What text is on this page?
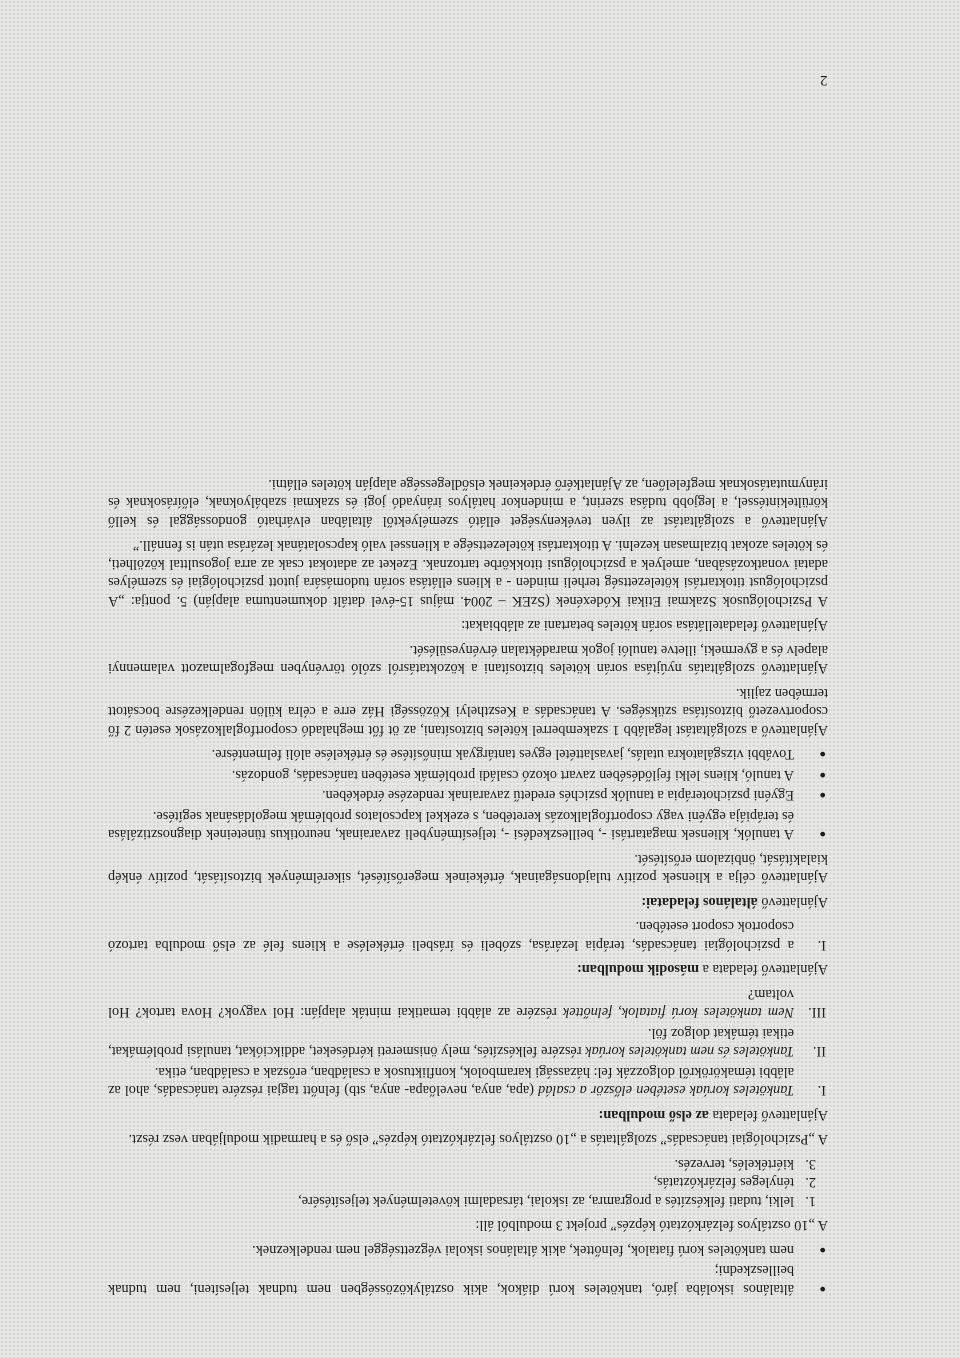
● általános iskolába járó, tanköteles korú diákok, akik osztályközösségben nem tudnak teljesíteni, nem tudnak beilleszkedni;
● nem tanköteles korú fiatalok, felnőttek, akik általános iskolai végzettséggel nem rendelkeznek.

A „10 osztályos felzárkóztató képzés” projekt 3 modulból áll:

1.
lelki, tudati felkészítés a programra, az iskolai, társadalmi követelmények teljesítésére,
2.
tényleges felzárkóztatás,
3.
kiértékelés, tervezés.

A „Pszichológiai tanácsadás” szolgáltatás a „10 osztályos felzárkóztató képzés” első és a harmadik moduljában vesz részt.

Ajánlattevő feladata az első modulban:

I.
Tanköteles korúak esetében először a család (apa, anya, nevelőapa- anya, stb) felnőtt tagjai részére tanácsadás, ahol az alábbi témakörökről dolgozzák fel: házassági karambolok, konfliktusok a családban, erőszak a családban, etika.
II.
Tanköteles és nem tanköteles korúak részére felkészítés, mely önismereti kérdéseket, addikciókat, tanulási problémákat, etikai témákat dolgoz föl.
III.
Nem tanköteles korú fiatalok, felnőttek részére az alábbi tematikai minták alapján: Hol vagyok? Hova tartok? Hol voltam?

Ajánlattevő feladata a második modulban:

I.
a pszichológiai tanácsadás, terápia lezárása, szóbeli és írásbeli értékelése a kliens felé az első modulba tartozó csoportok csoport esetében.

Ajánlattevő általános feladatai:

Ajánlattevő célja a kliensek pozitív tulajdonságainak, értékeinek megerősítését, sikerélmények biztosítását, pozitív énkép kialakítását, önbizalom erősítését.

● A tanulók, kliensek magatartási -, beilleszkedési -, teljesítménybeli zavarainak, neurotikus tüneteinek diagnosztizálása és terápiája egyéni vagy csoportfoglalkozás keretében, s ezekkel kapcsolatos problémák megoldásának segítése.
● Egyéni pszichoterápia a tanulók pszichés eredetű zavarainak rendezése érdekében.
● A tanuló, kliens lelki fejlődésében zavart okozó családi problémák esetében tanácsadás, gondozás.
● További vizsgálatokra utalás, javaslattétel egyes tantárgyak minősítése és értékelése alóli felmentésre.

Ajánlattevő a szolgáltatást legalább 1 szakemberrel köteles biztosítani, az öt főt meghaladó csoportfoglalkozások esetén 2 fő csoportvezető biztosítása szükséges. A tanácsadás a Keszthelyi Közösségi Ház erre a célra külön rendelkezésre bocsátott termében zajlik.

Ajánlattevő szolgáltatás nyújtása során köteles biztosítani a közoktatásról szóló törvényben megfogalmazott valamennyi alapelv és a gyermeki, illetve tanulói jogok maradéktalan érvényesülését.

Ajánlattevő feladatellátása során köteles betartani az alábbiakat:

A Pszichológusok Szakmai Etikai Kódexének (SzEK – 2004. május 15-ével datált dokumentuma alapján) 5. pontja: „A pszichológust titoktartási kötelezettség terheli minden - a kliens ellátása során tudomására jutott pszichológiai és személyes adatai vonatkozásában, amelyek a pszichológusi titokkörbe tartoznak. Ezeket az adatokat csak az arra jogosulttal közölheti, és köteles azokat bizalmasan kezelni. A titoktartási kötelezettsége a klienssel való kapcsolatának lezárása után is fennáll.”

Ajánlattevő a szolgáltatást az ilyen tevékenységet ellátó személyektől általában elvárható gondossággal és kellő körültekintéssel, a legjobb tudása szerint, a mindenkor hatályos irányadó jogi és szakmai szabályoknak, előírásoknak és iránymutatásoknak megfelelően, az Ajánlatkérő érdekeinek elsődlegessége alapján köteles ellátni.

2
